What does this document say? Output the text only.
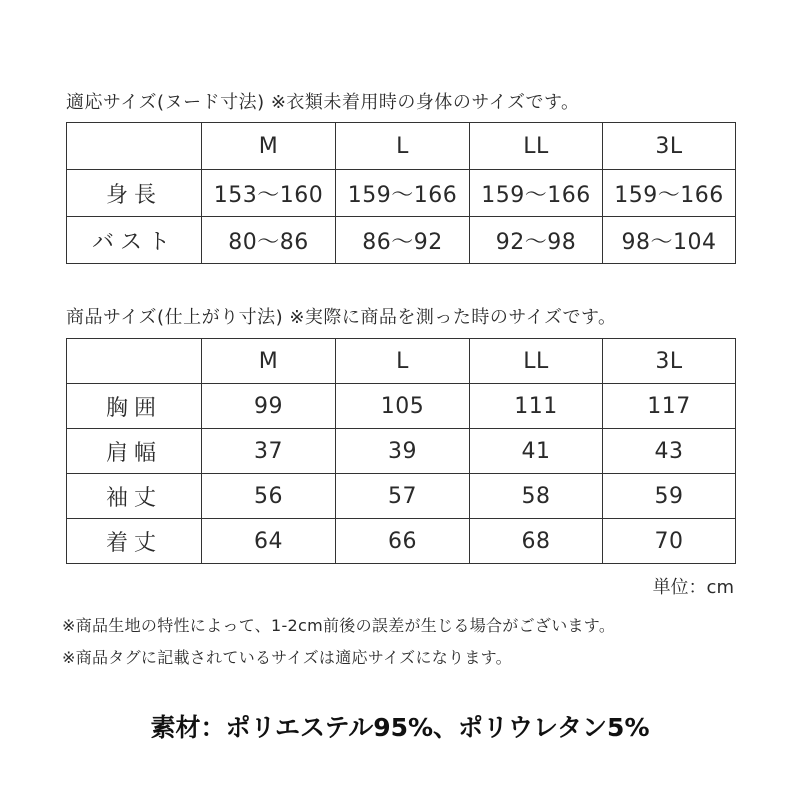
適応サイズ(ヌード寸法) ※衣類未着用時の身体のサイズです。
	M	L	LL	3L
身長	153〜160	159〜166	159〜166	159〜166
バスト	80〜86	86〜92	92〜98	98〜104
商品サイズ(仕上がり寸法) ※実際に商品を測った時のサイズです。
	M	L	LL	3L
胸囲	99	105	111	117
肩幅	37	39	41	43
袖丈	56	57	58	59
着丈	64	66	68	70
単位：cm
※商品生地の特性によって、1-2cm前後の誤差が生じる場合がございます。
※商品タグに記載されているサイズは適応サイズになります。
素材：ポリエステル95%、ポリウレタン5%
